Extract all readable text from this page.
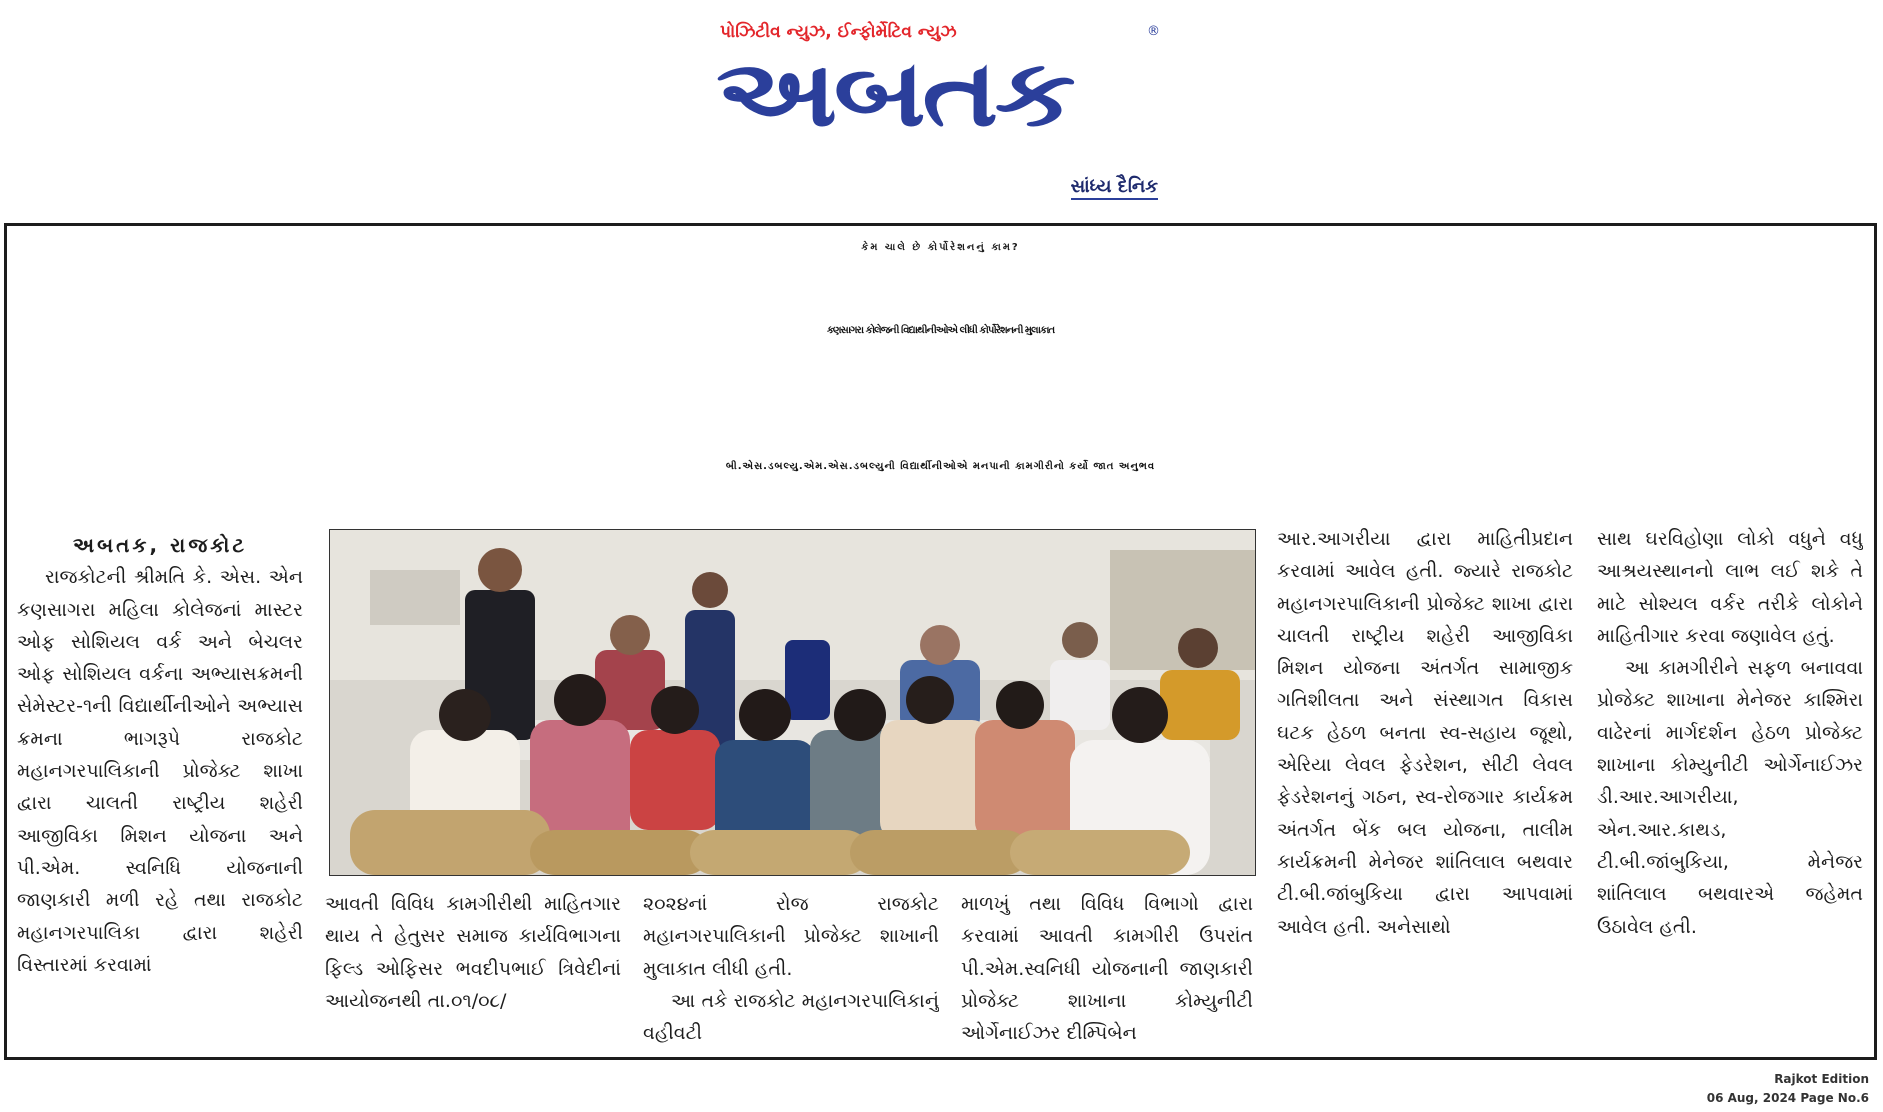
પોઝિટીવ ન્યુઝ, ઈન્ફોર્મેટિવ ન્યુઝ	®
અબતક
સાંધ્ય દૈનિક
કેમ ચાલે છે કોર્પોરેશનનું કામ?
કણસાગરા કોલેજની વિદ્યાથીનીઓએ લીધી કોર્પોરેશનની મુલાકાત
બી.એસ.ડબલ્યુ.એમ.એસ.ડબલ્યુની વિદ્યાર્થીનીઓએ મનપાની કામગીરીનો કર્યો જાત અનુભવ
અબતક, રાજકોટ

રાજકોટની શ્રીમતિ કે. એસ. એન કણસાગરા મહિલા કોલેજનાં માસ્ટર ઓફ સોશિયલ વર્ક અને બેચલર ઓફ સોશિયલ વર્કના અભ્યાસક્રમની સેમેસ્ટર-૧ની વિદ્યાર્થીનીઓને અભ્યાસ ક્રમના ભાગરૂપે રાજકોટ મહાનગરપાલિકાની પ્રોજેક્ટ શાખા દ્વારા ચાલતી રાષ્ટ્રીય શહેરી આજીવિકા મિશન યોજના અને પી.એમ. સ્વનિધિ યોજનાની જાણકારી મળી રહે તથા રાજકોટ મહાનગરપાલિકા દ્વારા શહેરી વિસ્તારમાં કરવામાં

આવતી વિવિધ કામગીરીથી માહિતગાર થાય તે હેતુસર સમાજ કાર્યવિભાગના ફિલ્ડ ઓફિસર ભવદીપભાઈ ત્રિવેદીનાં આયોજનથી તા.૦૧/૦૮/

૨૦૨૪નાં રોજ રાજકોટ મહાનગરપાલિકાની પ્રોજેક્ટ શાખાની મુલાકાત લીધી હતી.

આ તકે રાજકોટ મહાનગરપાલિકાનું વહીવટી

માળખું તથા વિવિધ વિભાગો દ્વારા કરવામાં આવતી કામગીરી ઉપરાંત પી.એમ.સ્વનિધી યોજનાની જાણકારી પ્રોજેક્ટ શાખાના કોમ્યુનીટી ઓર્ગેનાઈઝર દીમ્પિબેન

આર.આગરીયા દ્વારા માહિતીપ્રદાન કરવામાં આવેલ હતી. જ્યારે રાજકોટ મહાનગરપાલિકાની પ્રોજેક્ટ શાખા દ્વારા ચાલતી રાષ્ટ્રીય શહેરી આજીવિકા મિશન યોજના અંતર્ગત સામાજીક ગતિશીલતા અને સંસ્થાગત વિકાસ ઘટક હેઠળ બનતા સ્વ-સહાય જૂથો, એરિયા લેવલ ફેડરેશન, સીટી લેવલ ફેડરેશનનું ગઠન, સ્વ-રોજગાર કાર્યક્રમ અંતર્ગત બેંક બલ યોજના, તાલીમ કાર્યક્રમની મેનેજર શાંતિલાલ બથવાર ટી.બી.જાંબુકિયા દ્વારા આપવામાં આવેલ હતી. અનેસાથો

સાથ ઘરવિહોણા લોકો વધુને વધુ આશ્રયસ્થાનનો લાભ લઈ શકે તે માટે સોશ્યલ વર્કર તરીકે લોકોને માહિતીગાર કરવા જણાવેલ હતું.

આ કામગીરીને સફળ બનાવવા પ્રોજેક્ટ શાખાના મેનેજર કાશ્મિરા વાઢેરનાં માર્ગદર્શન હેઠળ પ્રોજેક્ટ શાખાના કોમ્યુનીટી ઓર્ગેનાઈઝર ડી.આર.આગરીયા, એન.આર.કાથડ, ટી.બી.જાંબુકિયા, મેનેજર શાંતિલાલ બથવારએ જહેમત ઉઠાવેલ હતી.

Rajkot Edition
06 Aug, 2024 Page No.6
